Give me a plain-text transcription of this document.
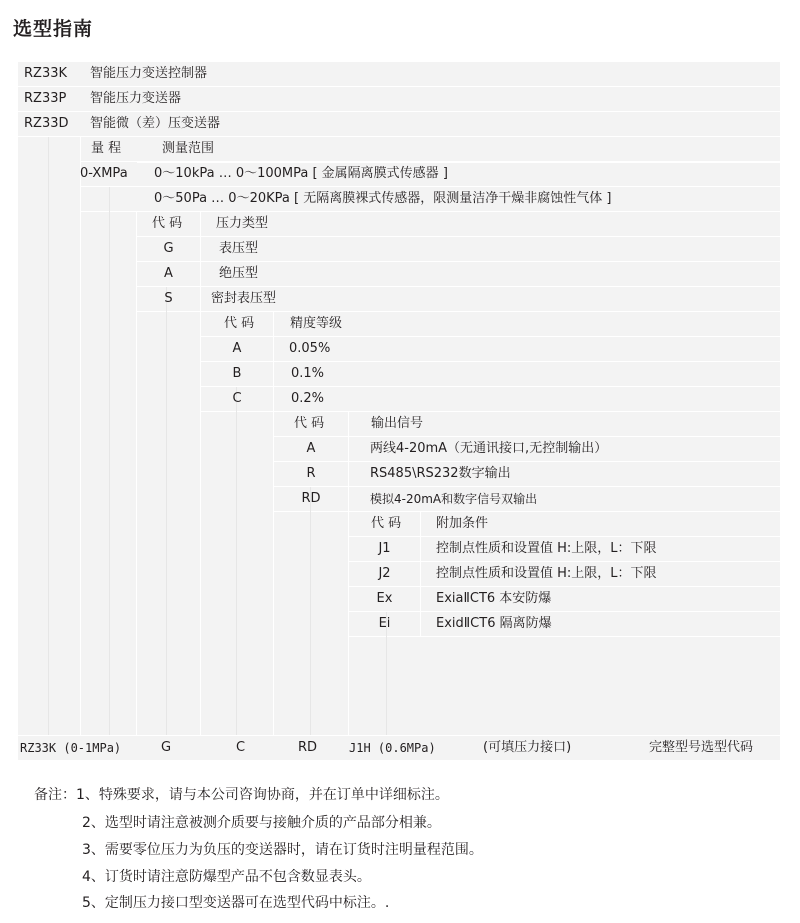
选型指南
RZ33K 智能压力变送控制器
RZ33P 智能压力变送器
RZ33D 智能微（差）压变送器
量 程	测量范围
0-XMPa 0～10kPa … 0～100MPa [ 金属隔离膜式传感器 ]
0～50Pa … 0～20KPa [ 无隔离膜裸式传感器，限测量洁净干燥非腐蚀性气体 ]
代 码	压力类型
G	表压型
A	绝压型
S	密封表压型
代 码	精度等级
A	0.05%
B	0.1%
C	0.2%
代 码	输出信号
A	两线4-20mA（无通讯接口,无控制输出）
R	RS485\RS232数字输出
RD	模拟4-20mA和数字信号双输出
代 码	附加条件
J1	控制点性质和设置值 H:上限，L：下限
J2	控制点性质和设置值 H:上限，L：下限
Ex	ExiaⅡCT6 本安防爆
Ei	ExidⅡCT6 隔离防爆
RZ33K (0-1MPa)	G	C	RD	J1H (0.6MPa)	(可填压力接口)	完整型号选型代码
备注：1、特殊要求，请与本公司咨询协商，并在订单中详细标注。
2、选型时请注意被测介质要与接触介质的产品部分相兼。
3、需要零位压力为负压的变送器时，请在订货时注明量程范围。
4、订货时请注意防爆型产品不包含数显表头。
5、定制压力接口型变送器可在选型代码中标注。.
